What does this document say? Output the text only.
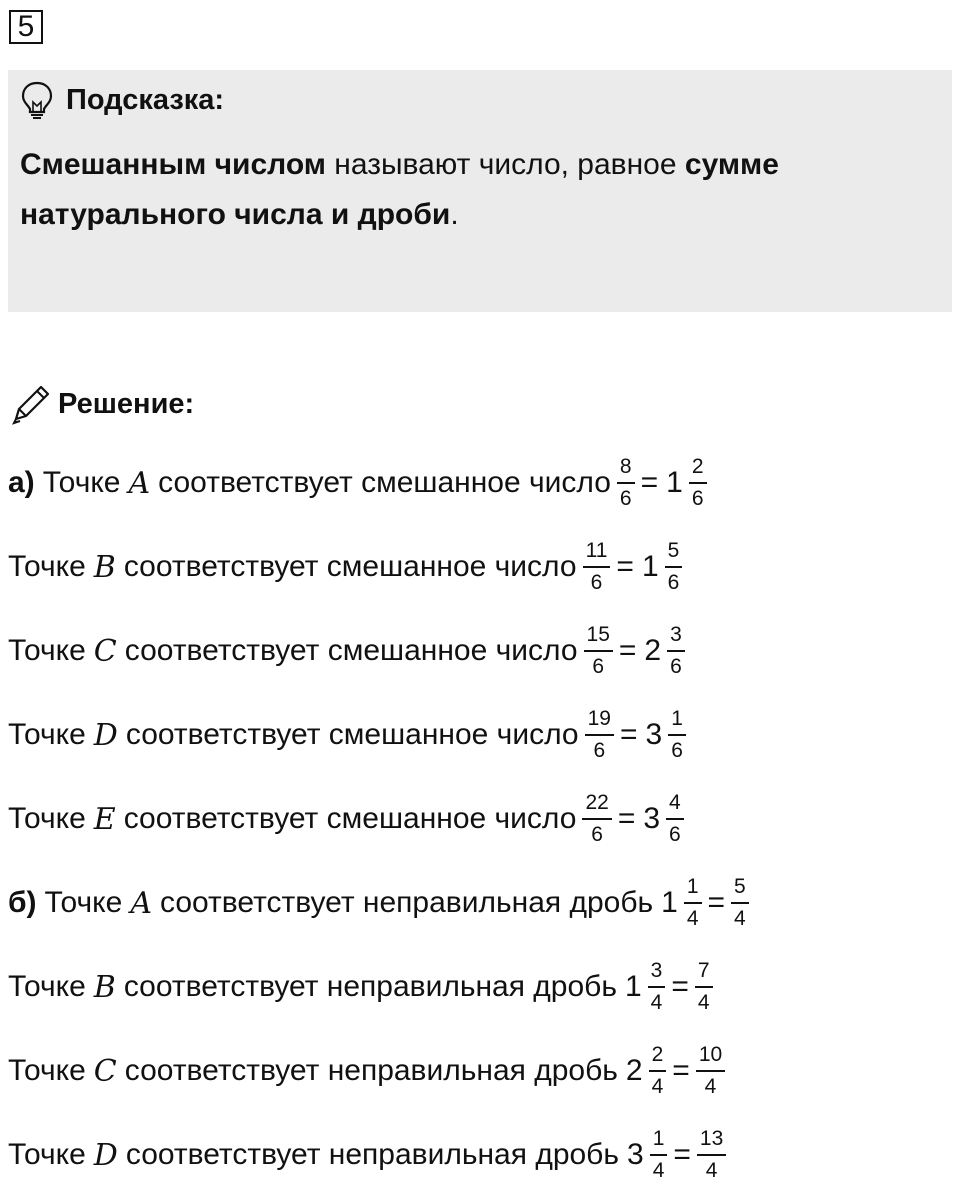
5
Подсказка:
Смешанным числом называют число, равное сумме
натурального числа и дроби.
Решение:
а) Точке A соответствует смешанное число $\frac{8}{6} = 1 \frac{2}{6}$
Точке B соответствует смешанное число $\frac{11}{6} = 1 \frac{5}{6}$
Точке C соответствует смешанное число $\frac{15}{6} = 2 \frac{3}{6}$
Точке D соответствует смешанное число $\frac{19}{6} = 3 \frac{1}{6}$
Точке E соответствует смешанное число $\frac{22}{6} = 3 \frac{4}{6}$
б) Точке A соответствует неправильная дробь $1 \frac{1}{4} = \frac{5}{4}$
Точке B соответствует неправильная дробь $1 \frac{3}{4} = \frac{7}{4}$
Точке C соответствует неправильная дробь $2 \frac{2}{4} = \frac{10}{4}$
Точке D соответствует неправильная дробь $3 \frac{1}{4} = \frac{13}{4}$
